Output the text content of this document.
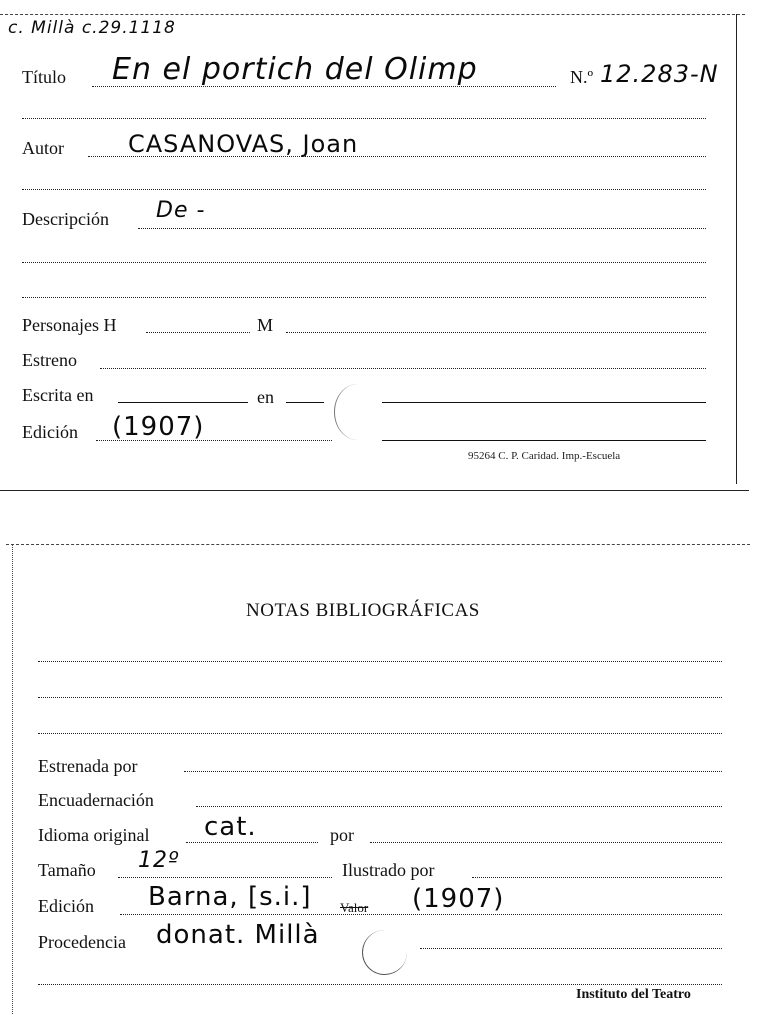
c. Millà c.29.1118
Título En el portich del Olimp	N.º 12.283-N
Autor	CASANOVAS, Joan
Descripción De -
Personajes H	M
Estreno
Escrita en	en
Edición (1907)
95264 C. P. Caridad. Imp.-Escuela
NOTAS BIBLIOGRÁFICAS
Estrenada por
Encuadernación
Idioma original cat.	por
Tamaño 12º	Ilustrado por
Edición Barna, [s.i.] Valor (1907)
Procedencia donat. Millà
Instituto del Teatro
